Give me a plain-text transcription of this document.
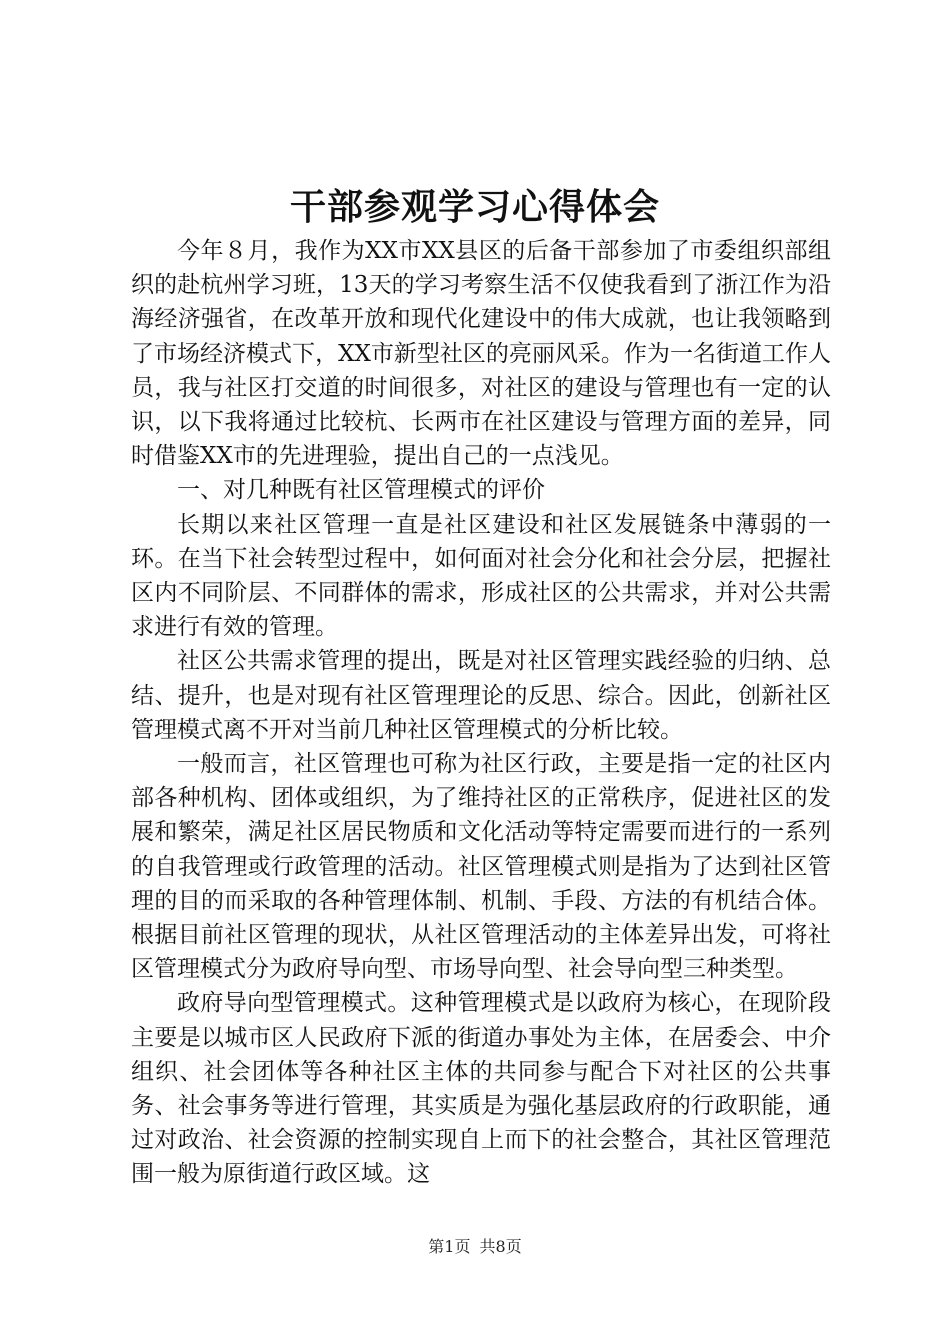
干部参观学习心得体会

今年８月，我作为XX市XX县区的后备干部参加了市委组织部组织的赴杭州学习班，13天的学习考察生活不仅使我看到了浙江作为沿海经济强省，在改革开放和现代化建设中的伟大成就，也让我领略到了市场经济模式下，XX市新型社区的亮丽风采。作为一名街道工作人员，我与社区打交道的时间很多，对社区的建设与管理也有一定的认识，以下我将通过比较杭、长两市在社区建设与管理方面的差异，同时借鉴XX市的先进理验，提出自己的一点浅见。

一、对几种既有社区管理模式的评价

长期以来社区管理一直是社区建设和社区发展链条中薄弱的一环。在当下社会转型过程中，如何面对社会分化和社会分层，把握社区内不同阶层、不同群体的需求，形成社区的公共需求，并对公共需求进行有效的管理。

社区公共需求管理的提出，既是对社区管理实践经验的归纳、总结、提升，也是对现有社区管理理论的反思、综合。因此，创新社区管理模式离不开对当前几种社区管理模式的分析比较。

一般而言，社区管理也可称为社区行政，主要是指一定的社区内部各种机构、团体或组织，为了维持社区的正常秩序，促进社区的发展和繁荣，满足社区居民物质和文化活动等特定需要而进行的一系列的自我管理或行政管理的活动。社区管理模式则是指为了达到社区管理的目的而采取的各种管理体制、机制、手段、方法的有机结合体。根据目前社区管理的现状，从社区管理活动的主体差异出发，可将社区管理模式分为政府导向型、市场导向型、社会导向型三种类型。

政府导向型管理模式。这种管理模式是以政府为核心，在现阶段主要是以城市区人民政府下派的街道办事处为主体，在居委会、中介组织、社会团体等各种社区主体的共同参与配合下对社区的公共事务、社会事务等进行管理，其实质是为强化基层政府的行政职能，通过对政治、社会资源的控制实现自上而下的社会整合，其社区管理范围一般为原街道行政区域。这

第1页 共8页
